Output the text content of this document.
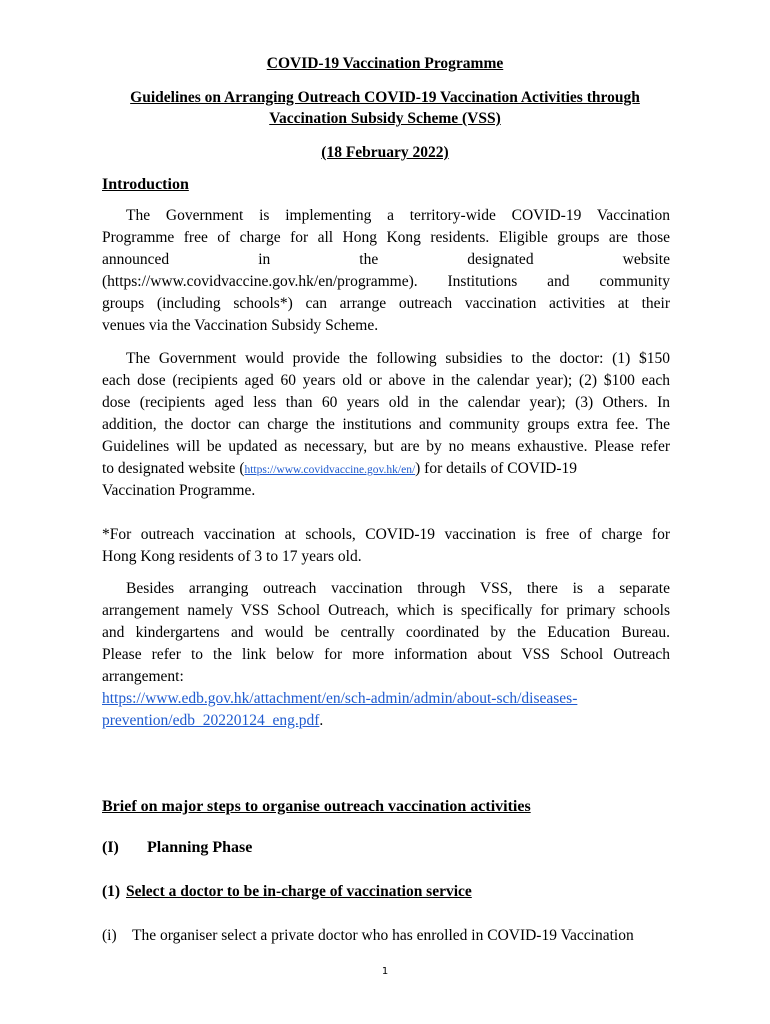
COVID-19 Vaccination Programme
Guidelines on Arranging Outreach COVID-19 Vaccination Activities through
Vaccination Subsidy Scheme (VSS)
(18 February 2022)
Introduction
The Government is implementing a territory-wide COVID-19 Vaccination
Programme free of charge for all Hong Kong residents. Eligible groups are those
announced	in	the	designated	website
(https://www.covidvaccine.gov.hk/en/programme). Institutions and community
groups (including schools*) can arrange outreach vaccination activities at their
venues via the Vaccination Subsidy Scheme.
The Government would provide the following subsidies to the doctor: (1) $150
each dose (recipients aged 60 years old or above in the calendar year); (2) $100 each
dose (recipients aged less than 60 years old in the calendar year); (3) Others. In
addition, the doctor can charge the institutions and community groups extra fee. The
Guidelines will be updated as necessary, but are by no means exhaustive. Please refer
to designated website (https://www.covidvaccine.gov.hk/en/) for details of COVID-19
Vaccination Programme.
*For outreach vaccination at schools, COVID-19 vaccination is free of charge for
Hong Kong residents of 3 to 17 years old.
Besides arranging outreach vaccination through VSS, there is a separate
arrangement namely VSS School Outreach, which is specifically for primary schools
and kindergartens and would be centrally coordinated by the Education Bureau.
Please refer to the link below for more information about VSS School Outreach
arrangement:
https://www.edb.gov.hk/attachment/en/sch-admin/admin/about-sch/diseases-
prevention/edb_20220124_eng.pdf.
Brief on major steps to organise outreach vaccination activities
(I) Planning Phase
(1) Select a doctor to be in-charge of vaccination service
(i) The organiser select a private doctor who has enrolled in COVID-19 Vaccination
1
